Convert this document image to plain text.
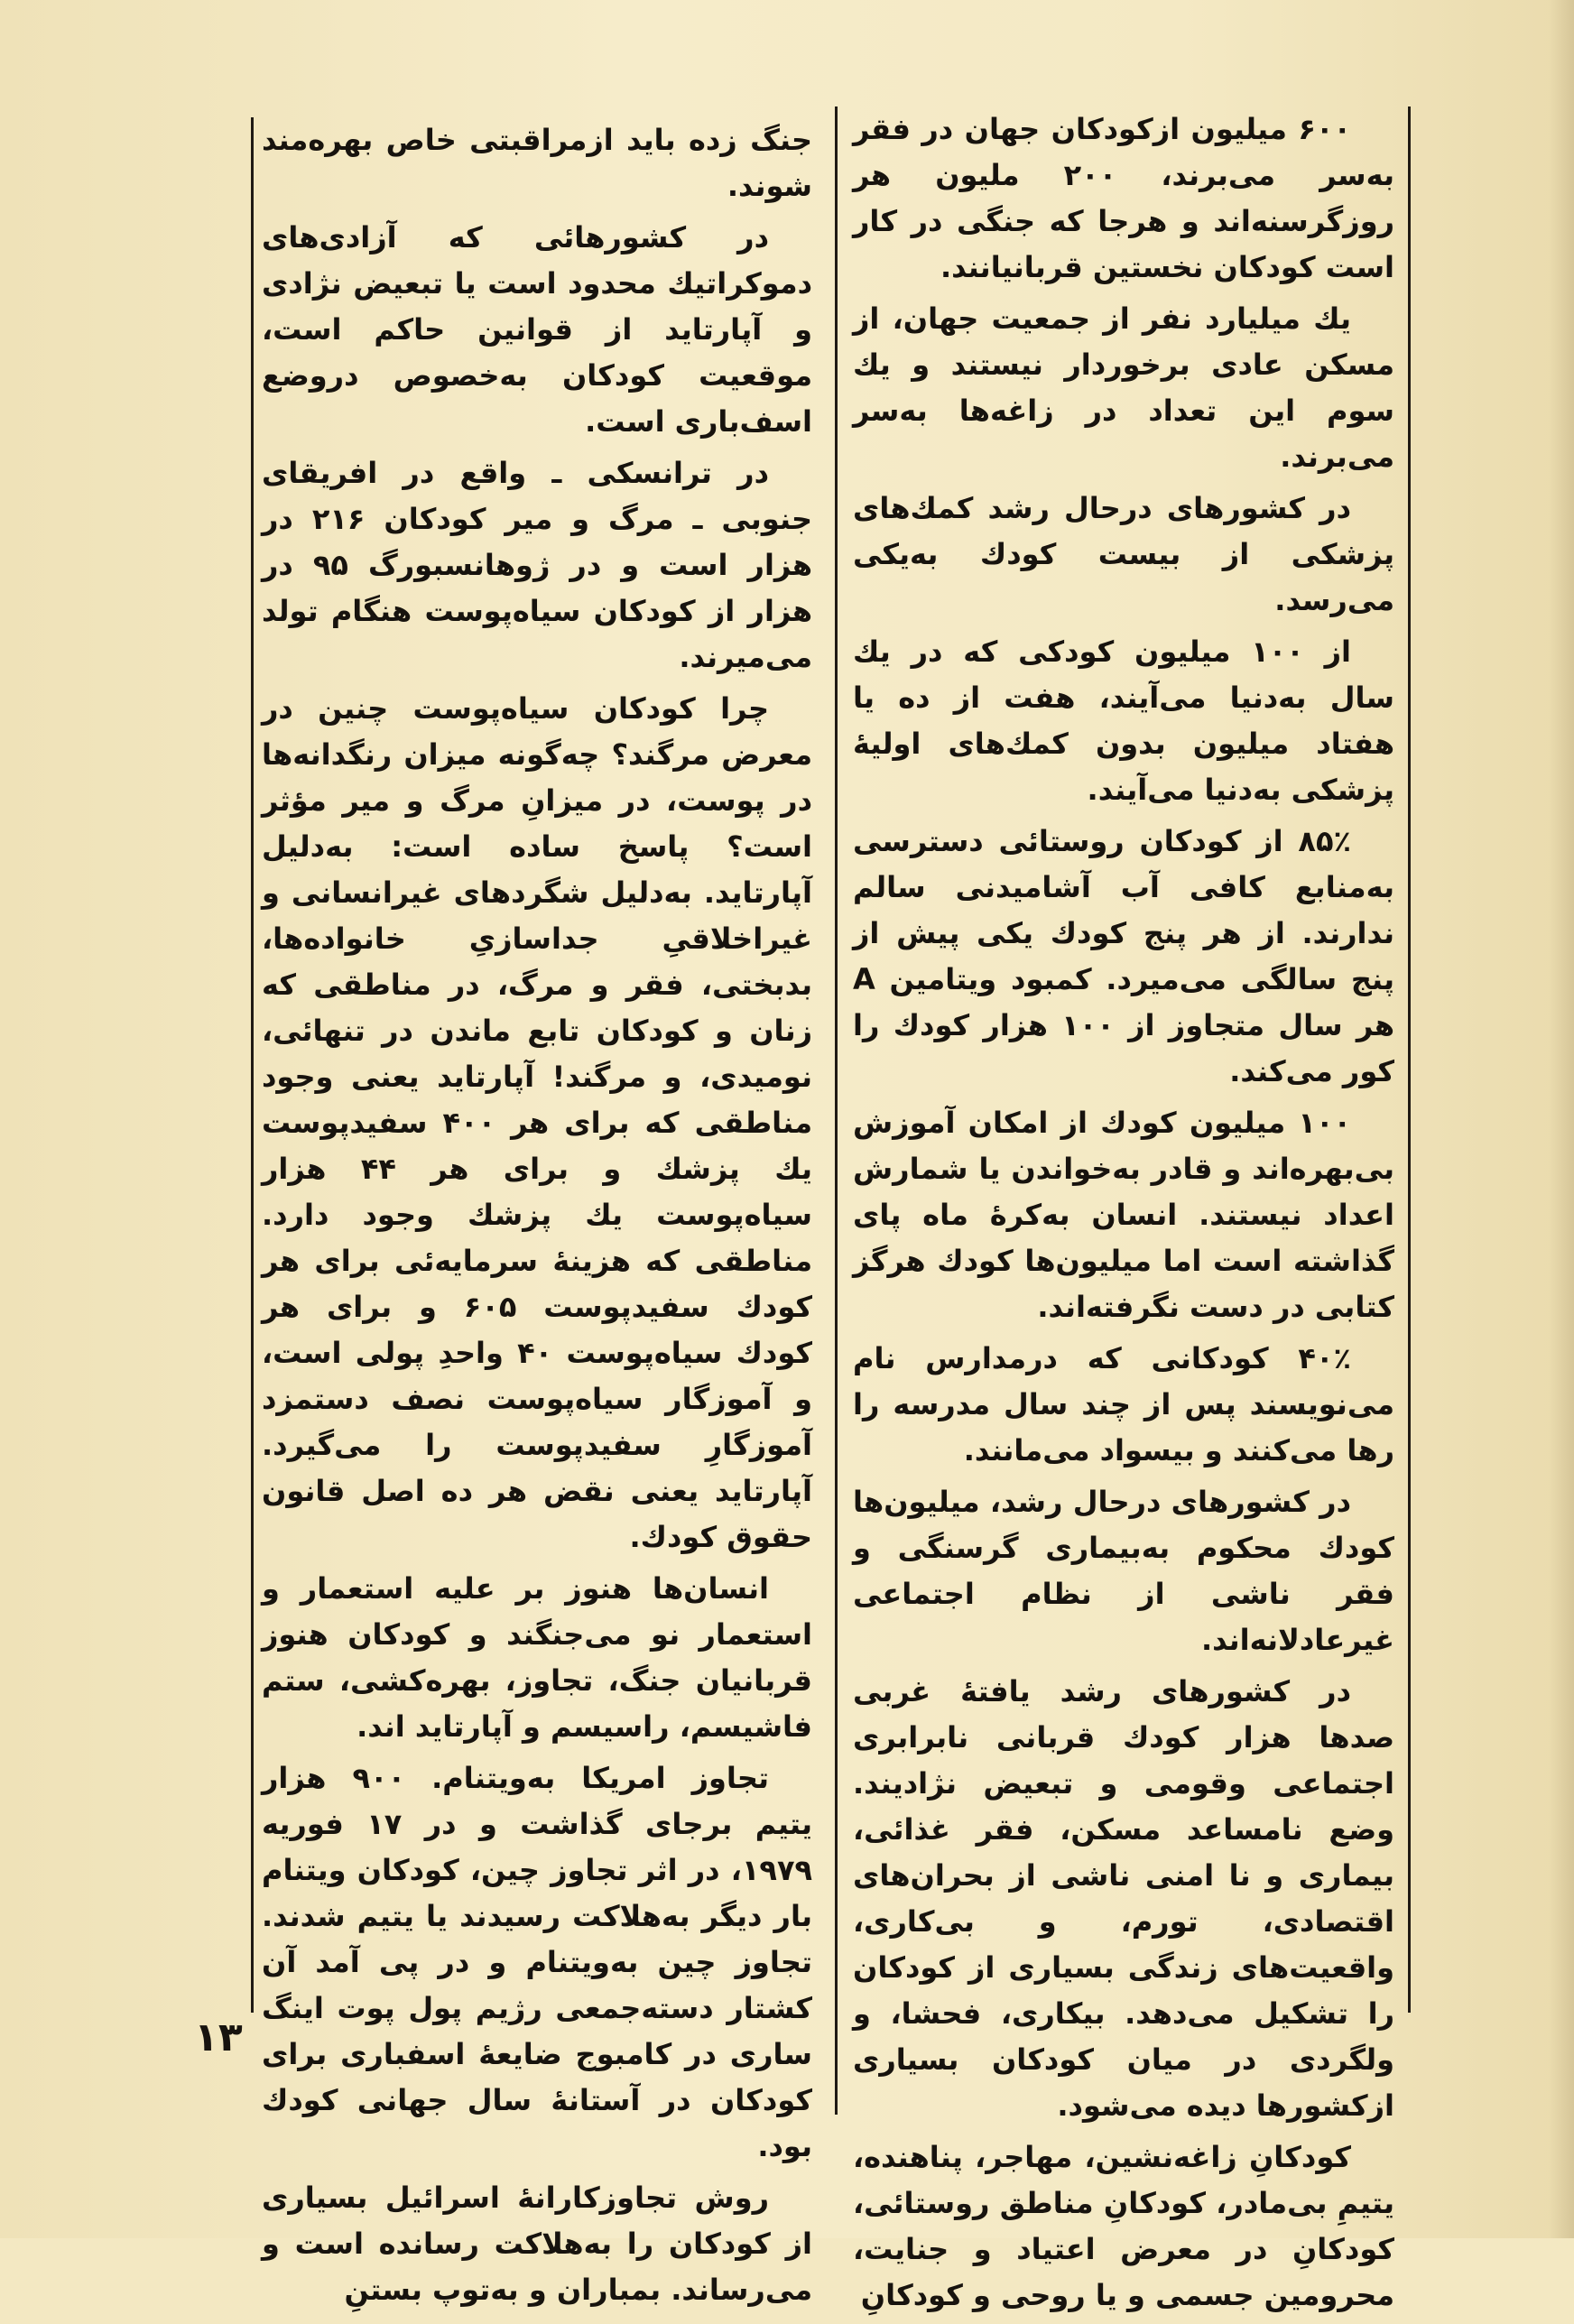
۶۰۰ میلیون ازکودکان جهان در فقر به‌سر می‌برند، ۲۰۰ ملیون هر روزگرسنه‌اند و هرجا که جنگی در کار است کودکان نخستین قربانیانند.

یك میلیارد نفر از جمعیت جهان، از مسکن عادی برخوردار نیستند و یك سوم این تعداد در زاغه‌ها به‌سر می‌برند.

در کشورهای درحال رشد کمك‌های پزشکی از بیست کودك به‌یکی می‌رسد.

از ۱۰۰ میلیون کودکی که در یك سال به‌دنیا می‌آیند، هفت از ده یا هفتاد میلیون بدون کمك‌های اولیهٔ پزشکی به‌دنیا می‌آیند.

۸۵٪ از کودکان روستائی دسترسی به‌منابع کافی آب آشامیدنی سالم ندارند. از هر پنج کودك یکی پیش از پنج سالگی می‌میرد. کمبود ویتامین A هر سال متجاوز از ۱۰۰ هزار کودك را کور می‌کند.

۱۰۰ میلیون کودك از امکان آموزش بی‌بهره‌اند و قادر به‌خواندن یا شمارش اعداد نیستند. انسان به‌کرهٔ ماه پای گذاشته است اما میلیون‌ها کودك هرگز کتابی در دست نگرفته‌اند.

۴۰٪ کودکانی که درمدارس نام می‌نویسند پس از چند سال مدرسه را رها می‌کنند و بیسواد می‌مانند.

در کشورهای درحال رشد، میلیون‌ها کودك محکوم به‌بیماری گرسنگی و فقر ناشی از نظام اجتماعی غیرعادلانه‌اند.

در کشورهای رشد یافتهٔ غربی صدها هزار کودك قربانی نابرابری اجتماعی وقومی و تبعیض نژادیند. وضع نامساعد مسکن، فقر غذائی، بیماری و نا امنی ناشی از بحران‌های اقتصادی، تورم، و بی‌کاری، واقعیت‌های زندگی بسیاری از کودکان را تشکیل می‌دهد. بیکاری، فحشا، و ولگردی در میان کودکان بسیاری ازکشورها دیده می‌شود.

کودکانِ زاغه‌نشین، مهاجر، پناهنده، یتیمِ بی‌مادر، کودکانِ مناطق روستائی، کودکانِ در معرض اعتیاد و جنایت، محرومین جسمی و یا روحی و کودکانِ

جنگ زده باید ازمراقبتی خاص بهره‌مند شوند.

در کشورهائی که آزادی‌های دموکراتیك محدود است یا تبعیض نژادی و آپارتاید از قوانین حاکم است، موقعیت کودکان به‌خصوص دروضع اسف‌باری است.

در ترانسکی ـ واقع در افریقای جنوبی ـ مرگ و میر کودکان ۲۱۶ در هزار است و در ژوهانسبورگ ۹۵ در هزار از کودکان سیاه‌پوست هنگام تولد می‌میرند.

چرا کودکان سیاه‌پوست چنین در معرض مرگند؟ چه‌گونه میزان رنگدانه‌ها در پوست، در میزانِ مرگ و میر مؤثر است؟ پاسخ ساده است: به‌دلیل آپارتاید. به‌دلیل شگردهای غیرانسانی و غیراخلاقیِ جداسازیِ خانواده‌ها، بدبختی، فقر و مرگ، در مناطقی که زنان و کودکان تابع ماندن در تنهائی، نومیدی، و مرگند! آپارتاید یعنی وجود مناطقی که برای هر ۴۰۰ سفیدپوست یك پزشك و برای هر ۴۴ هزار سیاه‌پوست یك پزشك وجود دارد. مناطقی که هزینهٔ سرمایه‌ئی برای هر کودك سفیدپوست ۶۰۵ و برای هر کودك سیاه‌پوست ۴۰ واحدِ پولی است، و آموزگار سیاه‌پوست نصف دستمزد آموزگارِ سفیدپوست را می‌گیرد. آپارتاید یعنی نقض هر ده اصل قانون حقوق کودك.

انسان‌ها هنوز بر علیه استعمار و استعمار نو می‌جنگند و کودکان هنوز قربانیان جنگ، تجاوز، بهره‌کشی، ستم فاشیسم، راسیسم و آپارتاید اند.

تجاوز امریکا به‌ویتنام. ۹۰۰ هزار یتیم برجای گذاشت و در ۱۷ فوریه ۱۹۷۹، در اثر تجاوز چین، کودکان ویتنام بار دیگر به‌هلاکت رسیدند یا یتیم شدند. تجاوز چین به‌ویتنام و در پی آمد آن کشتار دسته‌جمعی رژیم پول پوت اینگ ساری در کامبوج ضایعهٔ اسفباری برای کودکان در آستانهٔ سال جهانی کودك بود.

روش تجاوزکارانهٔ اسرائیل بسیاری از کودکان را به‌هلاکت رسانده است و می‌رساند. بمباران و به‌توپ بستنِ

۱۳
